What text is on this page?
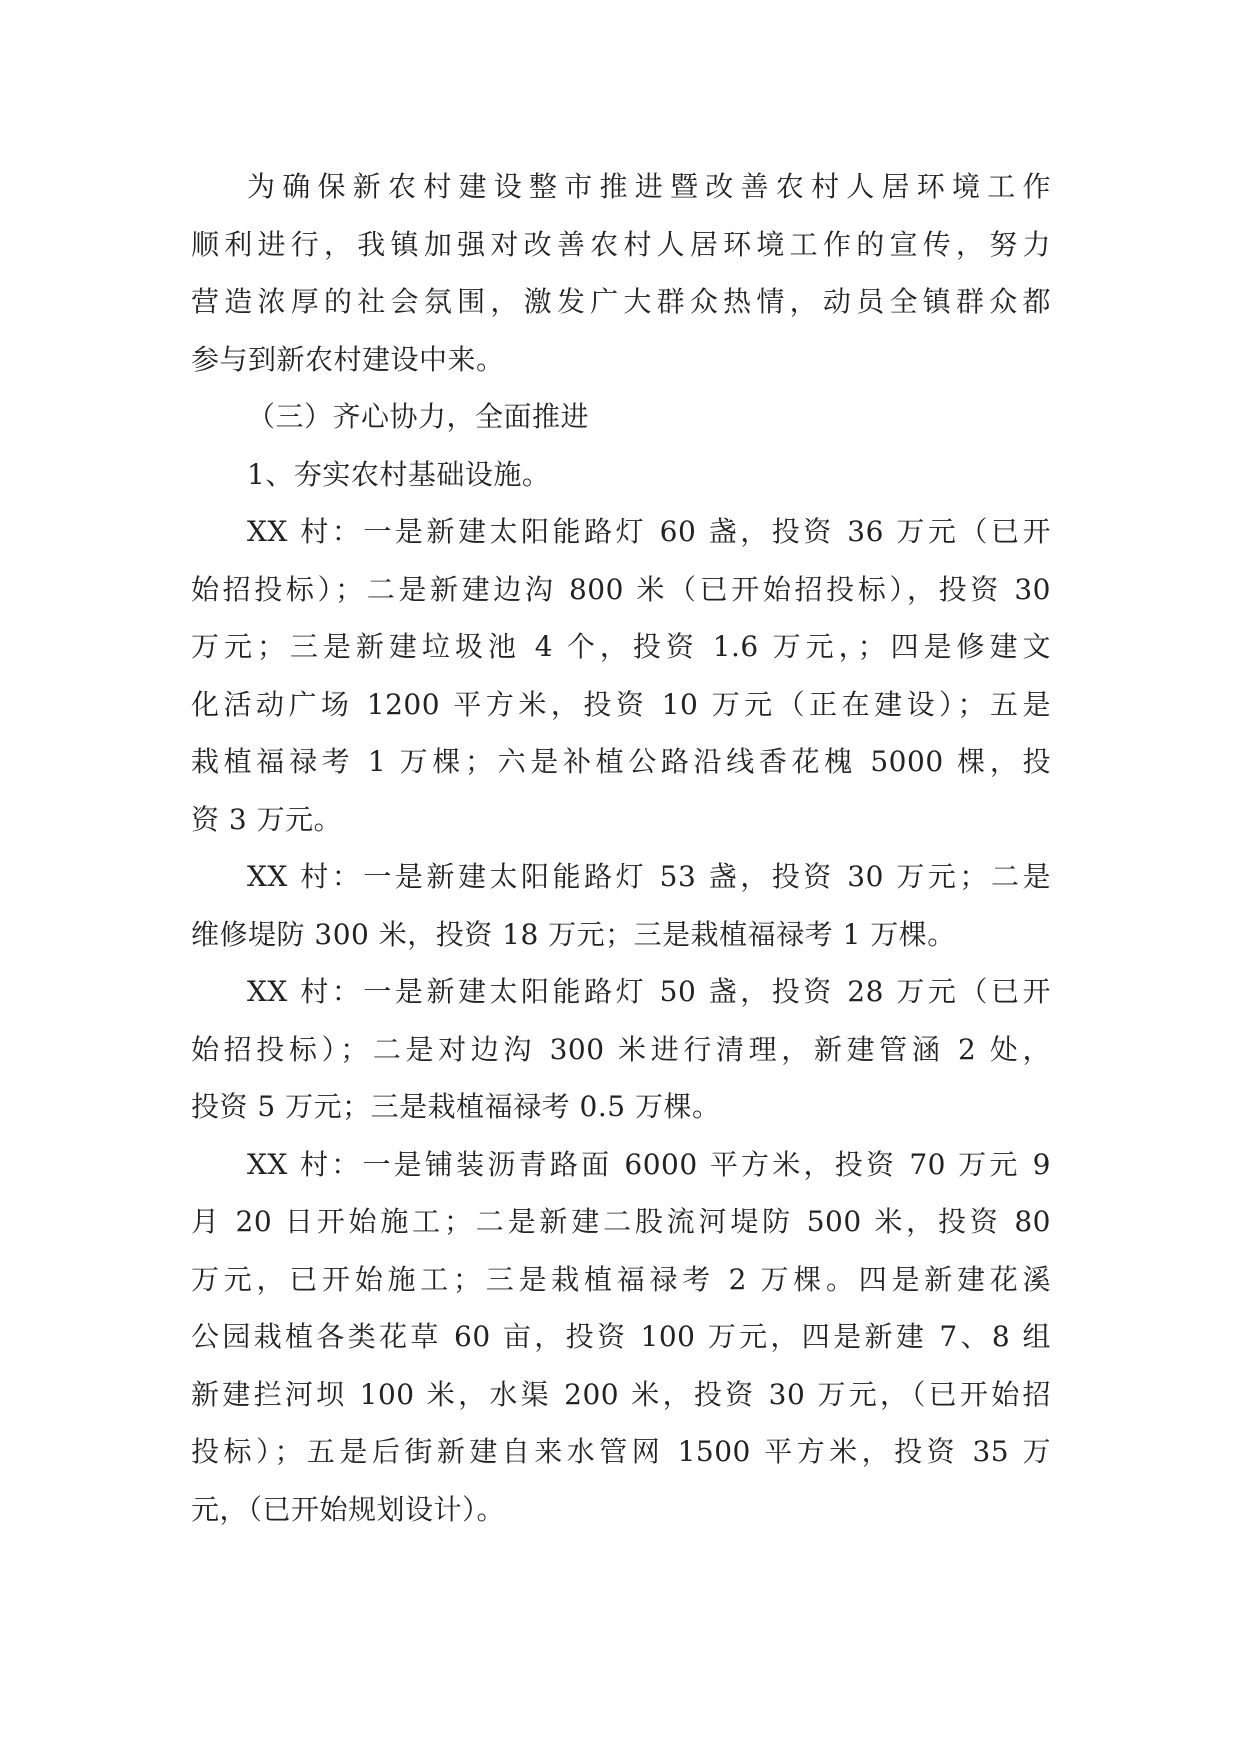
为确保新农村建设整市推进暨改善农村人居环境工作
顺利进行，我镇加强对改善农村人居环境工作的宣传，努力
营造浓厚的社会氛围，激发广大群众热情，动员全镇群众都
参与到新农村建设中来。
（三）齐心协力，全面推进
1、夯实农村基础设施。
XX 村：一是新建太阳能路灯 60 盏，投资 36 万元（已开
始招投标）；二是新建边沟 800 米（已开始招投标），投资 30
万元；三是新建垃圾池 4 个，投资 1.6 万元，；四是修建文
化活动广场 1200 平方米，投资 10 万元（正在建设）；五是
栽植福禄考 1 万棵；六是补植公路沿线香花槐 5000 棵，投
资 3 万元。
XX 村：一是新建太阳能路灯 53 盏，投资 30 万元；二是
维修堤防 300 米，投资 18 万元；三是栽植福禄考 1 万棵。
XX 村：一是新建太阳能路灯 50 盏，投资 28 万元（已开
始招投标）；二是对边沟 300 米进行清理，新建管涵 2 处，
投资 5 万元；三是栽植福禄考 0.5 万棵。
XX 村：一是铺装沥青路面 6000 平方米，投资 70 万元 9
月 20 日开始施工；二是新建二股流河堤防 500 米，投资 80
万元，已开始施工；三是栽植福禄考 2 万棵。四是新建花溪
公园栽植各类花草 60 亩，投资 100 万元，四是新建 7、8 组
新建拦河坝 100 米，水渠 200 米，投资 30 万元，（已开始招
投标）；五是后街新建自来水管网 1500 平方米，投资 35 万
元，（已开始规划设计）。
